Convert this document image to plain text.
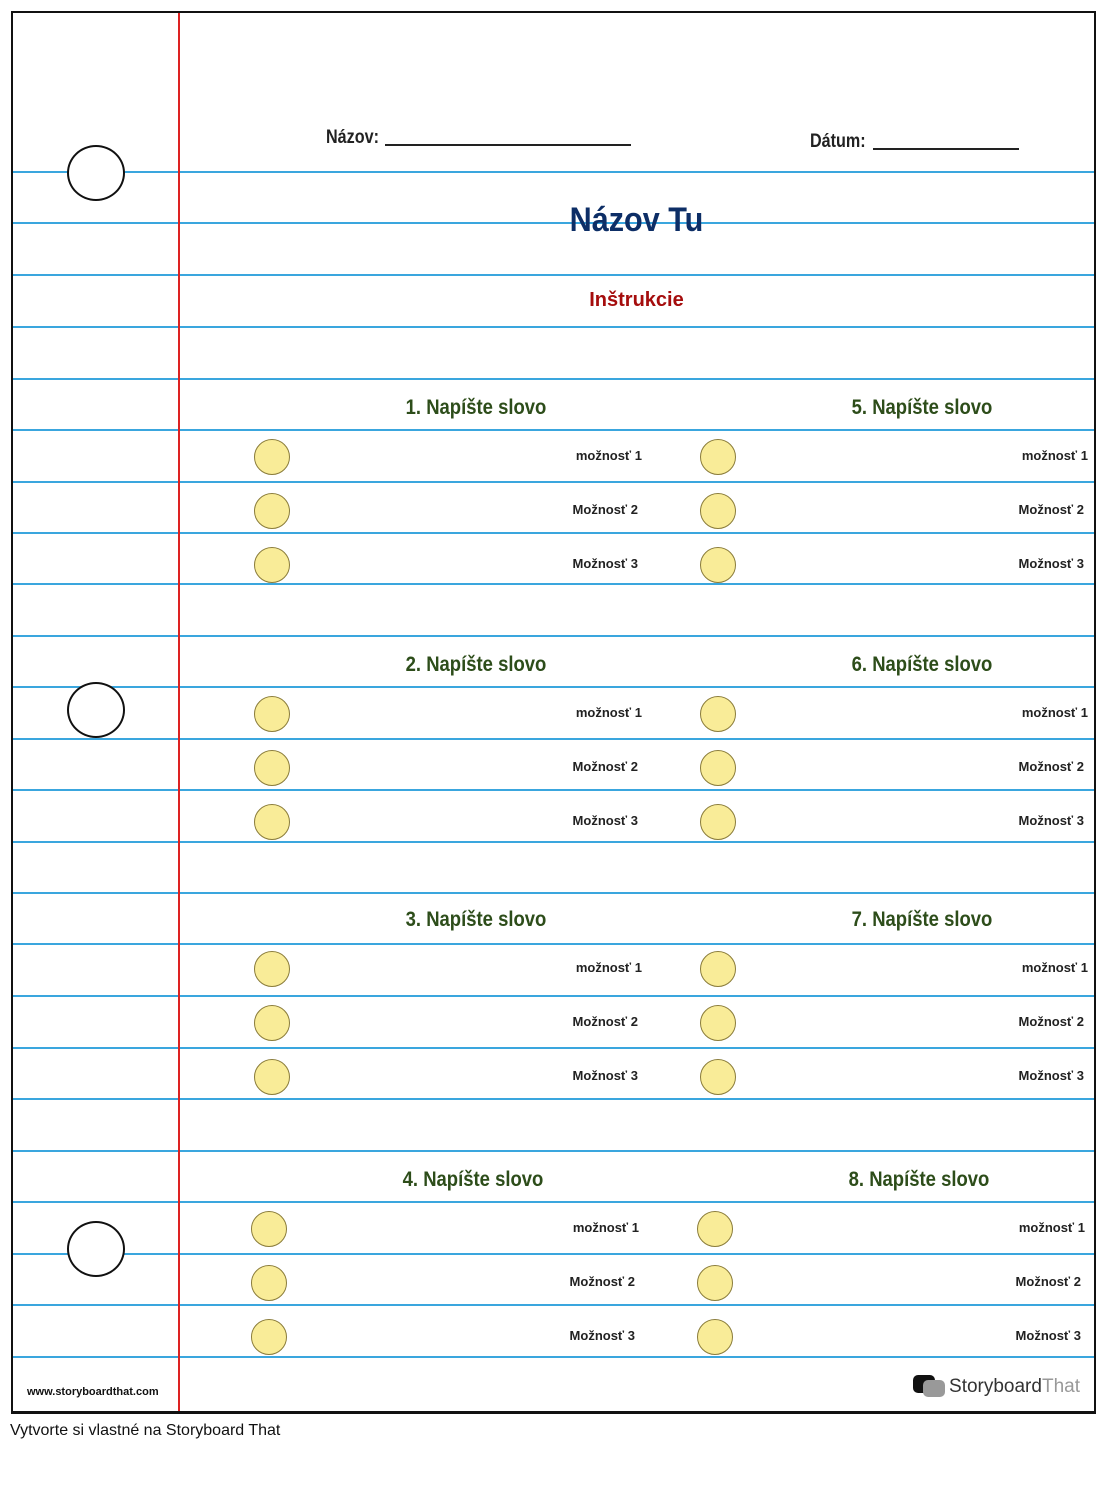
Názov:	Dátum:
Názov Tu
Inštrukcie
1. Napíšte slovo
možnosť 1
Možnosť 2
Možnosť 3
2. Napíšte slovo
možnosť 1
Možnosť 2
Možnosť 3
3. Napíšte slovo
možnosť 1
Možnosť 2
Možnosť 3
4. Napíšte slovo
možnosť 1
Možnosť 2
Možnosť 3
5. Napíšte slovo
možnosť 1
Možnosť 2
Možnosť 3
6. Napíšte slovo
možnosť 1
Možnosť 2
Možnosť 3
7. Napíšte slovo
možnosť 1
Možnosť 2
Možnosť 3
8. Napíšte slovo
možnosť 1
Možnosť 2
Možnosť 3
www.storyboardthat.com	Storyboard That
Vytvorte si vlastné na Storyboard That
